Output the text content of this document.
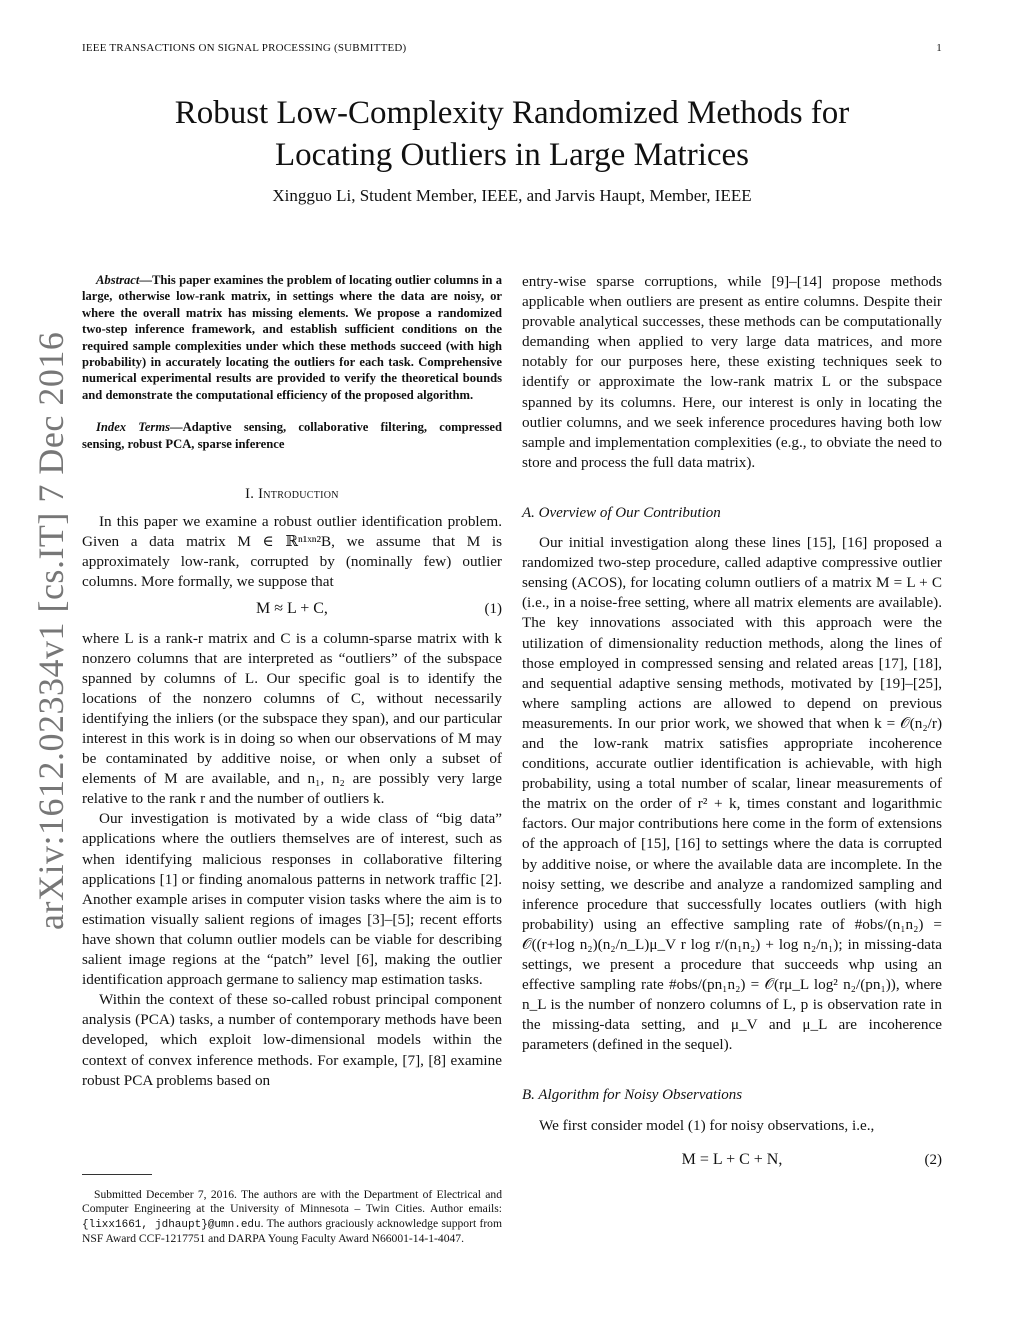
IEEE TRANSACTIONS ON SIGNAL PROCESSING (SUBMITTED)	1
arXiv:1612.02334v1 [cs.IT] 7 Dec 2016
Robust Low-Complexity Randomized Methods for
Locating Outliers in Large Matrices
Xingguo Li, Student Member, IEEE, and Jarvis Haupt, Member, IEEE

Abstract—This paper examines the problem of locating outlier columns in a large, otherwise low-rank matrix, in settings where the data are noisy, or where the overall matrix has missing elements. We propose a randomized two-step inference framework, and establish sufficient conditions on the required sample complexities under which these methods succeed (with high probability) in accurately locating the outliers for each task. Comprehensive numerical experimental results are provided to verify the theoretical bounds and demonstrate the computational efficiency of the proposed algorithm.

Index Terms—Adaptive sensing, collaborative filtering, compressed sensing, robust PCA, sparse inference

I. Introduction

In this paper we examine a robust outlier identification problem. Given a data matrix M ∈ ℝⁿ¹ˣⁿ²B, we assume that M is approximately low-rank, corrupted by (nominally few) outlier columns. More formally, we suppose that

M ≈ L + C,	(1)

where L is a rank-r matrix and C is a column-sparse matrix with k nonzero columns that are interpreted as “outliers” of the subspace spanned by columns of L. Our specific goal is to identify the locations of the nonzero columns of C, without necessarily identifying the inliers (or the subspace they span), and our particular interest in this work is in doing so when our observations of M may be contaminated by additive noise, or when only a subset of elements of M are available, and n₁, n₂ are possibly very large relative to the rank r and the number of outliers k.

Our investigation is motivated by a wide class of “big data” applications where the outliers themselves are of interest, such as when identifying malicious responses in collaborative filtering applications [1] or finding anomalous patterns in network traffic [2]. Another example arises in computer vision tasks where the aim is to estimation visually salient regions of images [3]–[5]; recent efforts have shown that column outlier models can be viable for describing salient image regions at the “patch” level [6], making the outlier identification approach germane to saliency map estimation tasks.

Within the context of these so-called robust principal component analysis (PCA) tasks, a number of contemporary methods have been developed, which exploit low-dimensional models within the context of convex inference methods. For example, [7], [8] examine robust PCA problems based on

Submitted December 7, 2016. The authors are with the Department of Electrical and Computer Engineering at the University of Minnesota – Twin Cities. Author emails: {lixx1661, jdhaupt}@umn.edu. The authors graciously acknowledge support from NSF Award CCF-1217751 and DARPA Young Faculty Award N66001-14-1-4047.

entry-wise sparse corruptions, while [9]–[14] propose methods applicable when outliers are present as entire columns. Despite their provable analytical successes, these methods can be computationally demanding when applied to very large data matrices, and more notably for our purposes here, these existing techniques seek to identify or approximate the low-rank matrix L or the subspace spanned by its columns. Here, our interest is only in locating the outlier columns, and we seek inference procedures having both low sample and implementation complexities (e.g., to obviate the need to store and process the full data matrix).

A. Overview of Our Contribution

Our initial investigation along these lines [15], [16] proposed a randomized two-step procedure, called adaptive compressive outlier sensing (ACOS), for locating column outliers of a matrix M = L + C (i.e., in a noise-free setting, where all matrix elements are available). The key innovations associated with this approach were the utilization of dimensionality reduction methods, along the lines of those employed in compressed sensing and related areas [17], [18], and sequential adaptive sensing methods, motivated by [19]–[25], where sampling actions are allowed to depend on previous measurements. In our prior work, we showed that when k = 𝒪(n₂/r) and the low-rank matrix satisfies appropriate incoherence conditions, accurate outlier identification is achievable, with high probability, using a total number of scalar, linear measurements of the matrix on the order of r² + k, times constant and logarithmic factors. Our major contributions here come in the form of extensions of the approach of [15], [16] to settings where the data is corrupted by additive noise, or where the available data are incomplete. In the noisy setting, we describe and analyze a randomized sampling and inference procedure that successfully locates outliers (with high probability) using an effective sampling rate of #obs/(n₁n₂) = 𝒪((r+log n₂)(n₂/n_L)μ_V r log r/(n₁n₂) + log n₂/n₁); in missing-data settings, we present a procedure that succeeds whp using an effective sampling rate #obs/(pn₁n₂) = 𝒪(rμ_L log² n₂/(pn₁)), where n_L is the number of nonzero columns of L, p is observation rate in the missing-data setting, and μ_V and μ_L are incoherence parameters (defined in the sequel).

B. Algorithm for Noisy Observations

We first consider model (1) for noisy observations, i.e.,

M = L + C + N,	(2)
